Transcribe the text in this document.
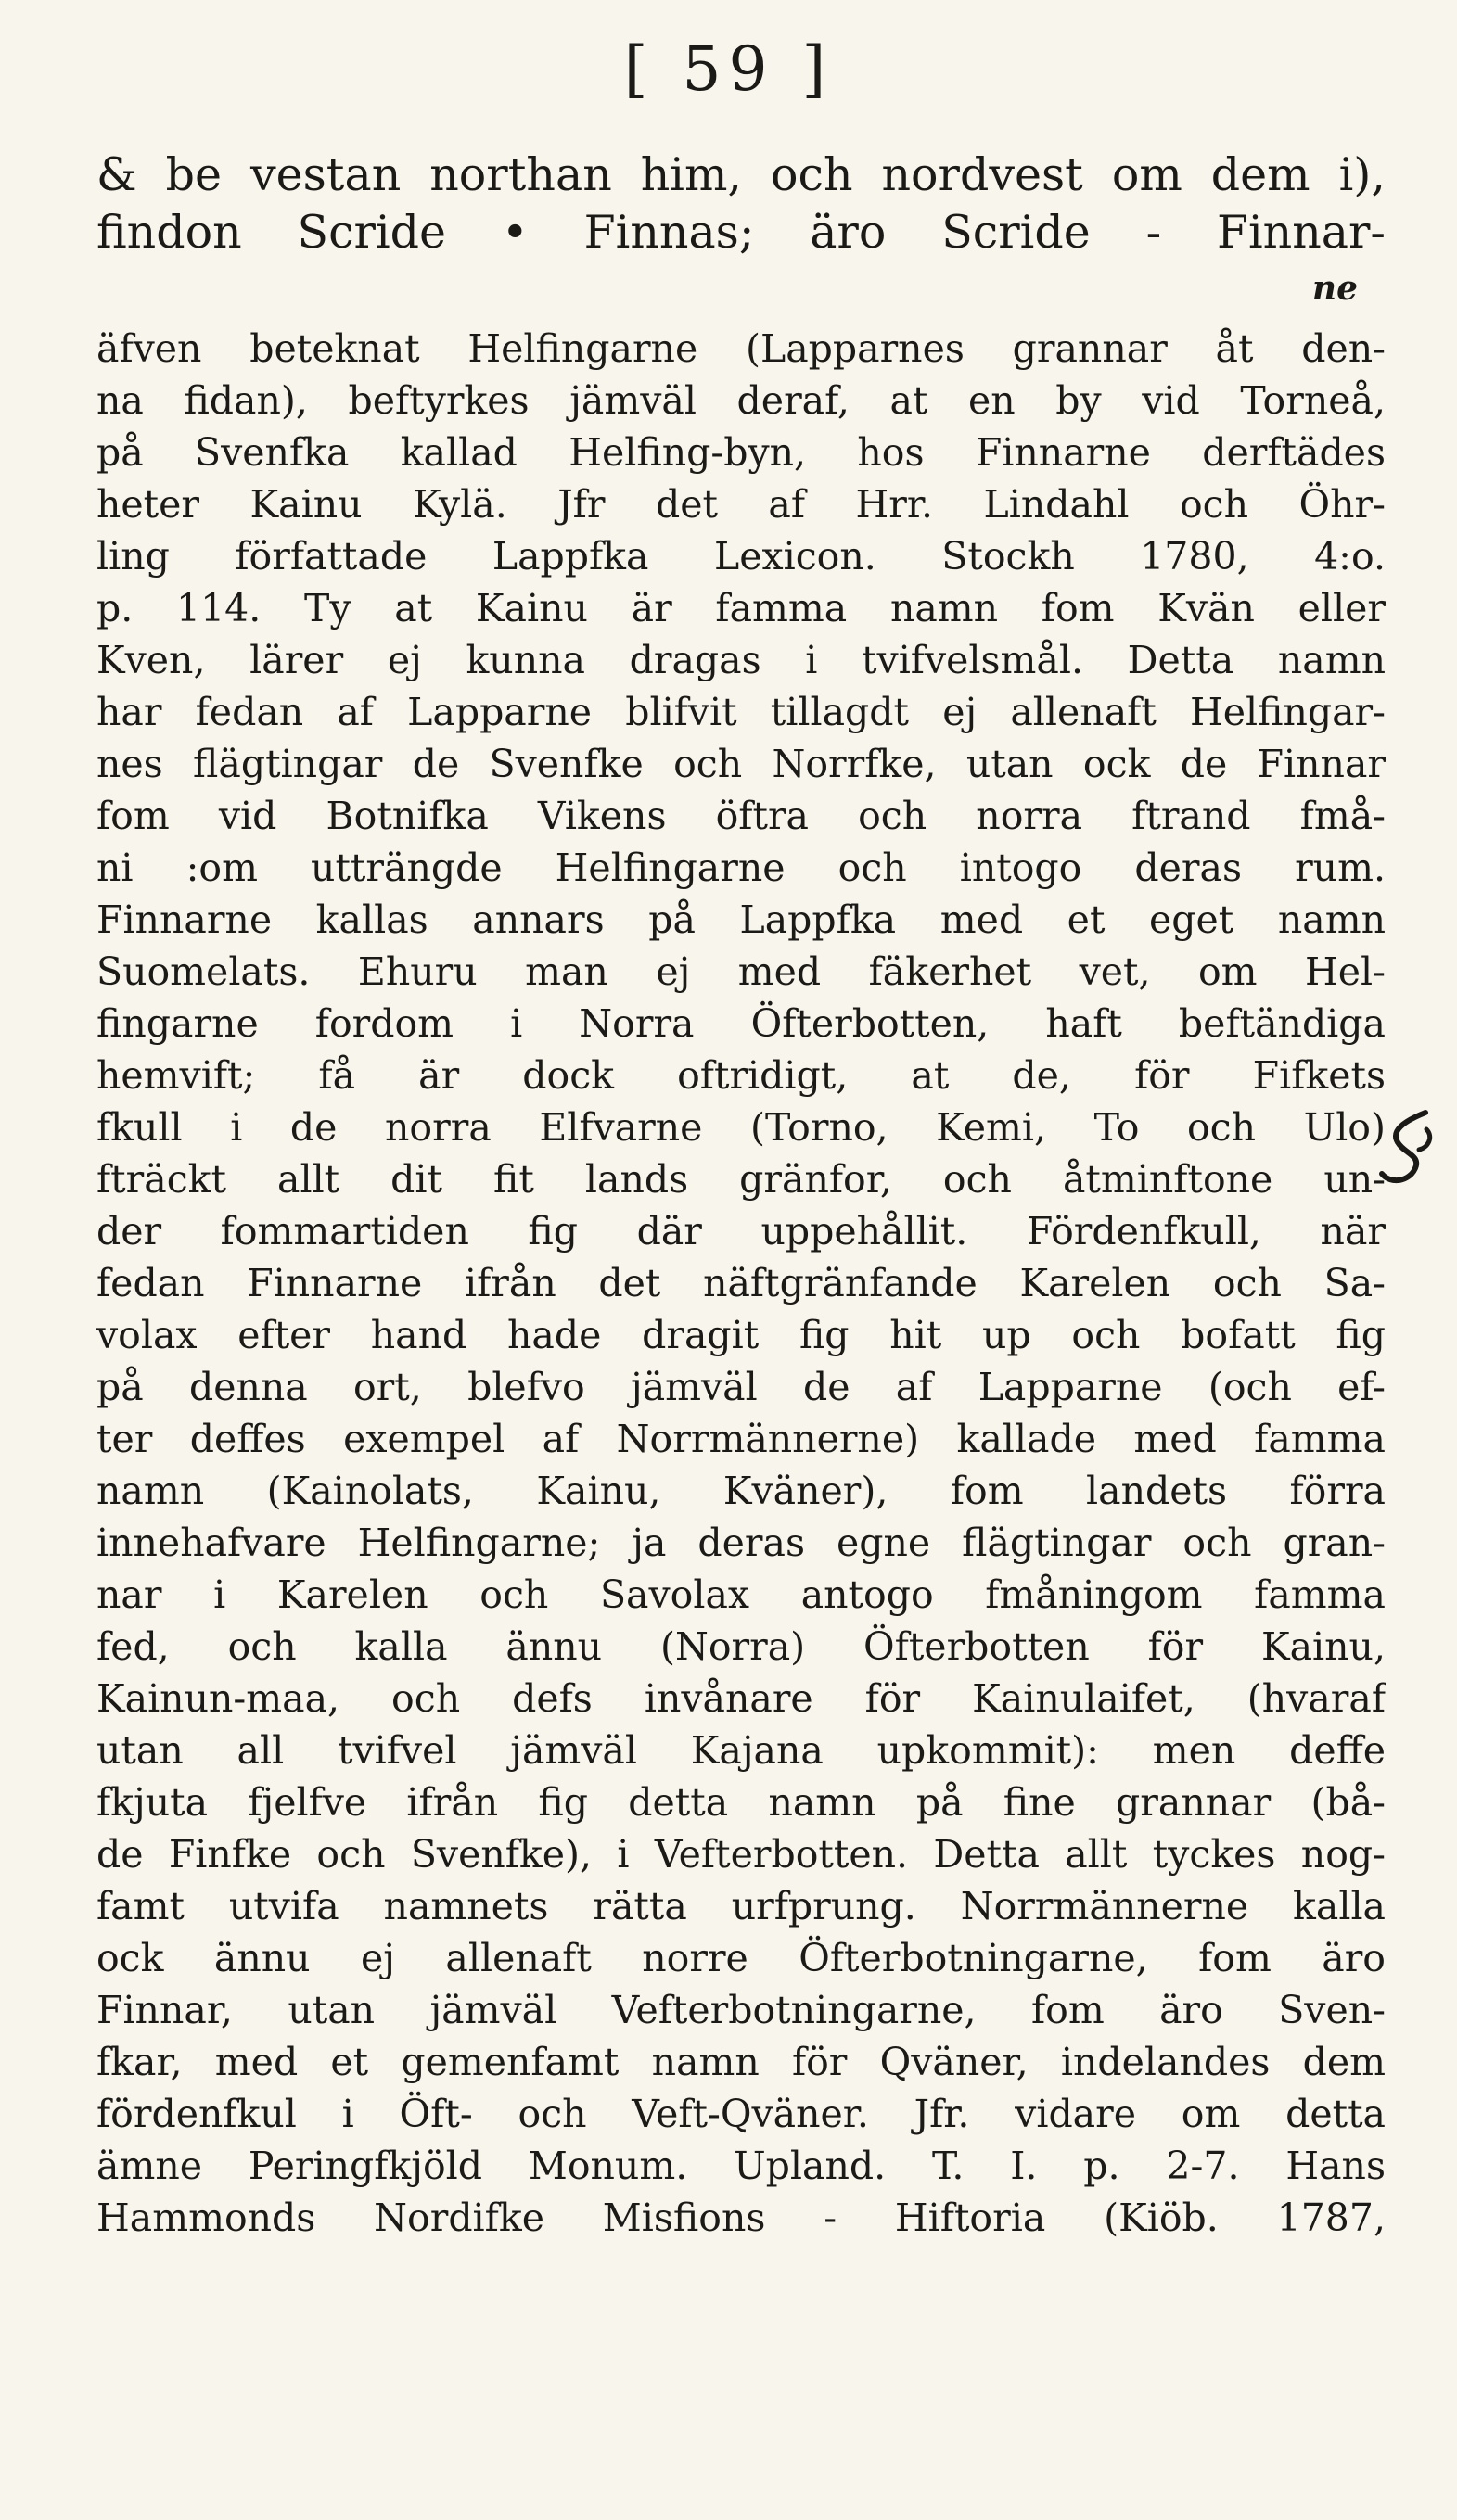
[ 59 ]
& be vestan northan him, och nordvest om dem i),
findon Scride • Finnas; äro Scride - Finnar-
ne
äfven beteknat Helfingarne (Lapparnes grannar åt den-
na fidan), beftyrkes jämväl deraf, at en by vid Torneå,
på Svenfka kallad Helfing-byn, hos Finnarne derftädes
heter Kainu Kylä. Jfr det af Hrr. Lindahl och Öhr-
ling författade Lappfka Lexicon. Stockh 1780, 4:o.
p. 114. Ty at Kainu är famma namn fom Kvän eller
Kven, lärer ej kunna dragas i tvifvelsmål. Detta namn
har fedan af Lapparne blifvit tillagdt ej allenaft Helfingar-
nes flägtingar de Svenfke och Norrfke, utan ock de Finnar
fom vid Botnifka Vikens öftra och norra ftrand fmå-
ni :om utträngde Helfingarne och intogo deras rum.
Finnarne kallas annars på Lappfka med et eget namn
Suomelats. Ehuru man ej med fäkerhet vet, om Hel-
fingarne fordom i Norra Öfterbotten, haft beftändiga
hemvift; få är dock oftridigt, at de, för Fifkets
fkull i de norra Elfvarne (Torno, Kemi, To och Ulo)
fträckt allt dit fit lands gränfor, och åtminftone un-
der fommartiden fig där uppehållit. Fördenfkull, när
fedan Finnarne ifrån det näftgränfande Karelen och Sa-
volax efter hand hade dragit fig hit up och bofatt fig
på denna ort, blefvo jämväl de af Lapparne (och ef-
ter deffes exempel af Norrmännerne) kallade med famma
namn (Kainolats, Kainu, Kväner), fom landets förra
innehafvare Helfingarne; ja deras egne flägtingar och gran-
nar i Karelen och Savolax antogo fmåningom famma
fed, och kalla ännu (Norra) Öfterbotten för Kainu,
Kainun-maa, och defs invånare för Kainulaifet, (hvaraf
utan all tvifvel jämväl Kajana upkommit): men deffe
fkjuta fjelfve ifrån fig detta namn på fine grannar (bå-
de Finfke och Svenfke), i Vefterbotten. Detta allt tyckes nog-
famt utvifa namnets rätta urfprung. Norrmännerne kalla
ock ännu ej allenaft norre Öfterbotningarne, fom äro
Finnar, utan jämväl Vefterbotningarne, fom äro Sven-
fkar, med et gemenfamt namn för Qväner, indelandes dem
fördenfkul i Öft- och Veft-Qväner. Jfr. vidare om detta
ämne Peringfkjöld Monum. Upland. T. I. p. 2-7. Hans
Hammonds Nordifke Misfions - Hiftoria (Kiöb. 1787,
